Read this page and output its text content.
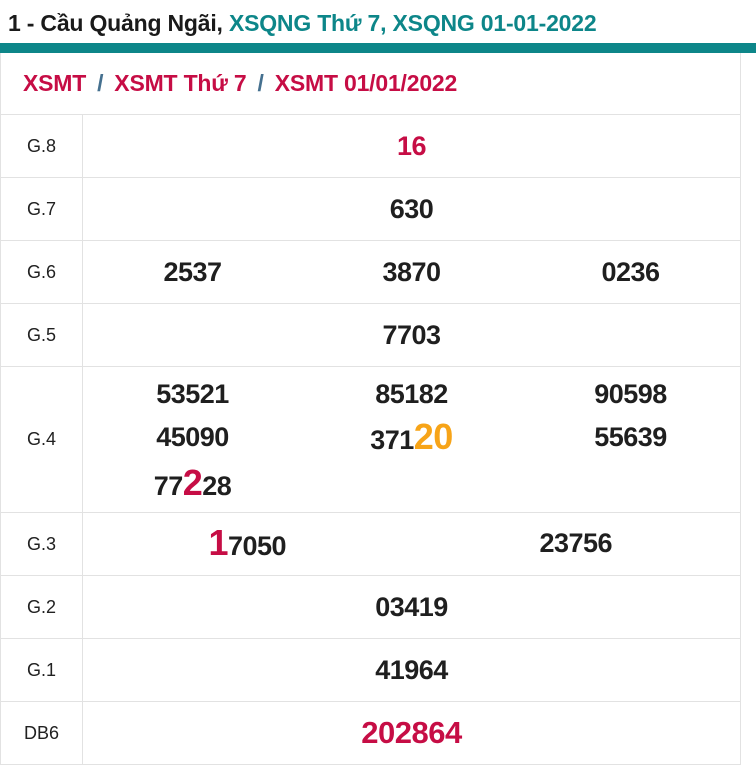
1 - Cầu Quảng Ngãi, XSQNG Thứ 7, XSQNG 01-01-2022
XSMT / XSMT Thứ 7 / XSMT 01/01/2022
G.8	16
G.7	630
G.6	2537	3870	0236
G.5	7703
G.4
53521	85182	90598
45090	37120	55639
77228
G.3	17050	23756
G.2	03419
G.1	41964
DB6	202864
